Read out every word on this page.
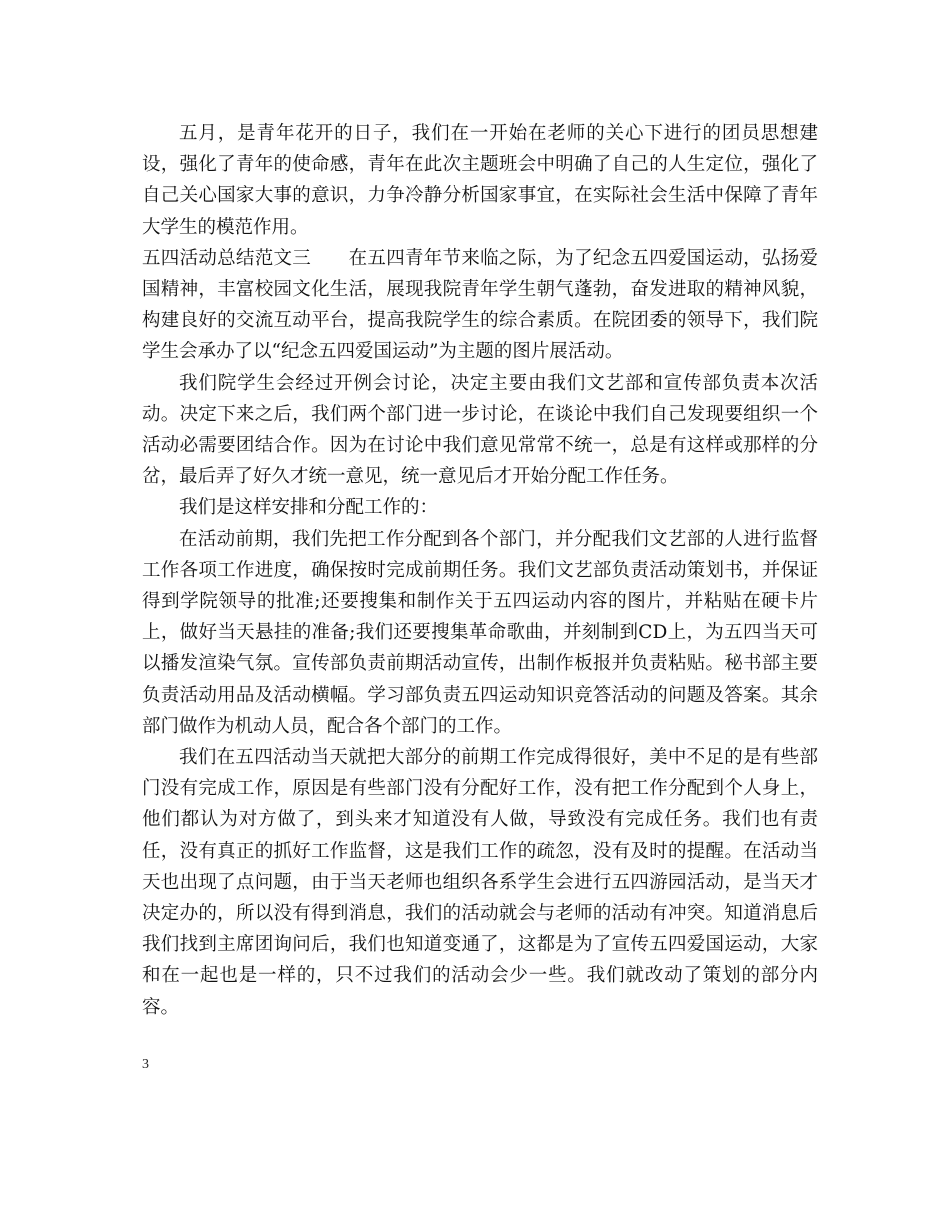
五月，是青年花开的日子，我们在一开始在老师的关心下进行的团员思想建设，强化了青年的使命感，青年在此次主题班会中明确了自己的人生定位，强化了自己关心国家大事的意识，力争冷静分析国家事宜，在实际社会生活中保障了青年大学生的模范作用。

五四活动总结范文三　　在五四青年节来临之际，为了纪念五四爱国运动，弘扬爱国精神，丰富校园文化生活，展现我院青年学生朝气蓬勃，奋发进取的精神风貌，构建良好的交流互动平台，提高我院学生的综合素质。在院团委的领导下，我们院学生会承办了以“纪念五四爱国运动”为主题的图片展活动。

我们院学生会经过开例会讨论，决定主要由我们文艺部和宣传部负责本次活动。决定下来之后，我们两个部门进一步讨论，在谈论中我们自己发现要组织一个活动必需要团结合作。因为在讨论中我们意见常常不统一，总是有这样或那样的分岔，最后弄了好久才统一意见，统一意见后才开始分配工作任务。

我们是这样安排和分配工作的：

在活动前期，我们先把工作分配到各个部门，并分配我们文艺部的人进行监督工作各项工作进度，确保按时完成前期任务。我们文艺部负责活动策划书，并保证得到学院领导的批准;还要搜集和制作关于五四运动内容的图片，并粘贴在硬卡片上，做好当天悬挂的准备;我们还要搜集革命歌曲，并刻制到CD上，为五四当天可以播发渲染气氛。宣传部负责前期活动宣传，出制作板报并负责粘贴。秘书部主要负责活动用品及活动横幅。学习部负责五四运动知识竞答活动的问题及答案。其余部门做作为机动人员，配合各个部门的工作。

我们在五四活动当天就把大部分的前期工作完成得很好，美中不足的是有些部门没有完成工作，原因是有些部门没有分配好工作，没有把工作分配到个人身上，他们都认为对方做了，到头来才知道没有人做，导致没有完成任务。我们也有责任，没有真正的抓好工作监督，这是我们工作的疏忽，没有及时的提醒。在活动当天也出现了点问题，由于当天老师也组织各系学生会进行五四游园活动，是当天才决定办的，所以没有得到消息，我们的活动就会与老师的活动有冲突。知道消息后我们找到主席团询问后，我们也知道变通了，这都是为了宣传五四爱国运动，大家和在一起也是一样的，只不过我们的活动会少一些。我们就改动了策划的部分内容。

3
